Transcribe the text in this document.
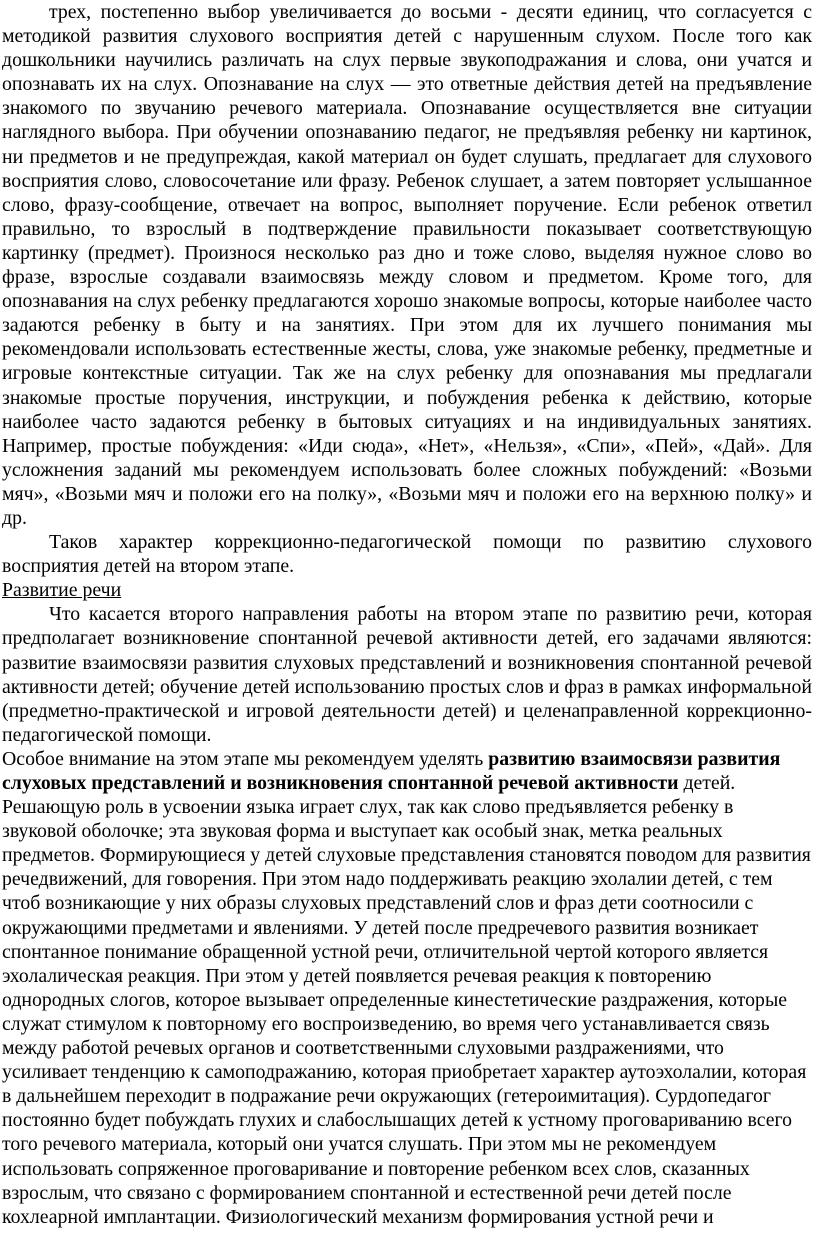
трех, постепенно выбор увеличивается до восьми - десяти единиц, что согласуется с методикой развития слухового восприятия детей с нарушенным слухом. После того как дошкольники научились различать на слух первые звукоподражания и слова, они учатся и опознавать их на слух. Опознавание на слух — это ответные действия детей на предъявление знакомого по звучанию речевого материала. Опознавание осуществляется вне ситуации наглядного выбора. При обучении опознаванию педагог, не предъявляя ребенку ни картинок, ни предметов и не предупреждая, какой материал он будет слушать, предлагает для слухового восприятия слово, словосочетание или фразу. Ребенок слушает, а затем повторяет услышанное слово, фразу-сообщение, отвечает на вопрос, выполняет поручение. Если ребенок ответил правильно, то взрослый в подтверждение правильности показывает соответствующую картинку (предмет). Произнося несколько раз дно и тоже слово, выделяя нужное слово во фразе, взрослые создавали взаимосвязь между словом и предметом. Кроме того, для опознавания на слух ребенку предлагаются хорошо знакомые вопросы, которые наиболее часто задаются ребенку в быту и на занятиях. При этом для их лучшего понимания мы рекомендовали использовать естественные жесты, слова, уже знакомые ребенку, предметные и игровые контекстные ситуации. Так же на слух ребенку для опознавания мы предлагали знакомые простые поручения, инструкции, и побуждения ребенка к действию, которые наиболее часто задаются ребенку в бытовых ситуациях и на индивидуальных занятиях. Например, простые побуждения: «Иди сюда», «Нет», «Нельзя», «Спи», «Пей», «Дай». Для усложнения заданий мы рекомендуем использовать более сложных побуждений: «Возьми мяч», «Возьми мяч и положи его на полку», «Возьми мяч и положи его на верхнюю полку» и др.

Таков характер коррекционно-педагогической помощи по развитию слухового восприятия детей на втором этапе.

Развитие речи

Что касается второго направления работы на втором этапе по развитию речи, которая предполагает возникновение спонтанной речевой активности детей, его задачами являются: развитие взаимосвязи развития слуховых представлений и возникновения спонтанной речевой активности детей; обучение детей использованию простых слов и фраз в рамках информальной (предметно-практической и игровой деятельности детей) и целенаправленной коррекционно-педагогической помощи.

Особое внимание на этом этапе мы рекомендуем уделять развитию взаимосвязи развития слуховых представлений и возникновения спонтанной речевой активности детей. Решающую роль в усвоении языка играет слух, так как слово предъявляется ребенку в звуковой оболочке; эта звуковая форма и выступает как особый знак, метка реальных предметов. Формирующиеся у детей слуховые представления становятся поводом для развития речедвижений, для говорения. При этом надо поддерживать реакцию эхолалии детей, с тем чтоб возникающие у них образы слуховых представлений слов и фраз дети соотносили с окружающими предметами и явлениями. У детей после предречевого развития возникает спонтанное понимание обращенной устной речи, отличительной чертой которого является эхолалическая реакция. При этом у детей появляется речевая реакция к повторению однородных слогов, которое вызывает определенные кинестетические раздражения, которые служат стимулом к повторному его воспроизведению, во время чего устанавливается связь между работой речевых органов и соответственными слуховыми раздражениями, что усиливает тенденцию к самоподражанию, которая приобретает характер аутоэхолалии, которая в дальнейшем переходит в подражание речи окружающих (гетероимитация). Сурдопедагог постоянно будет побуждать глухих и слабослышащих детей к устному проговариванию всего того речевого материала, который они учатся слушать. При этом мы не рекомендуем использовать сопряженное проговаривание и повторение ребенком всех слов, сказанных взрослым, что связано с формированием спонтанной и естественной речи детей после кохлеарной имплантации. Физиологический механизм формирования устной речи и
